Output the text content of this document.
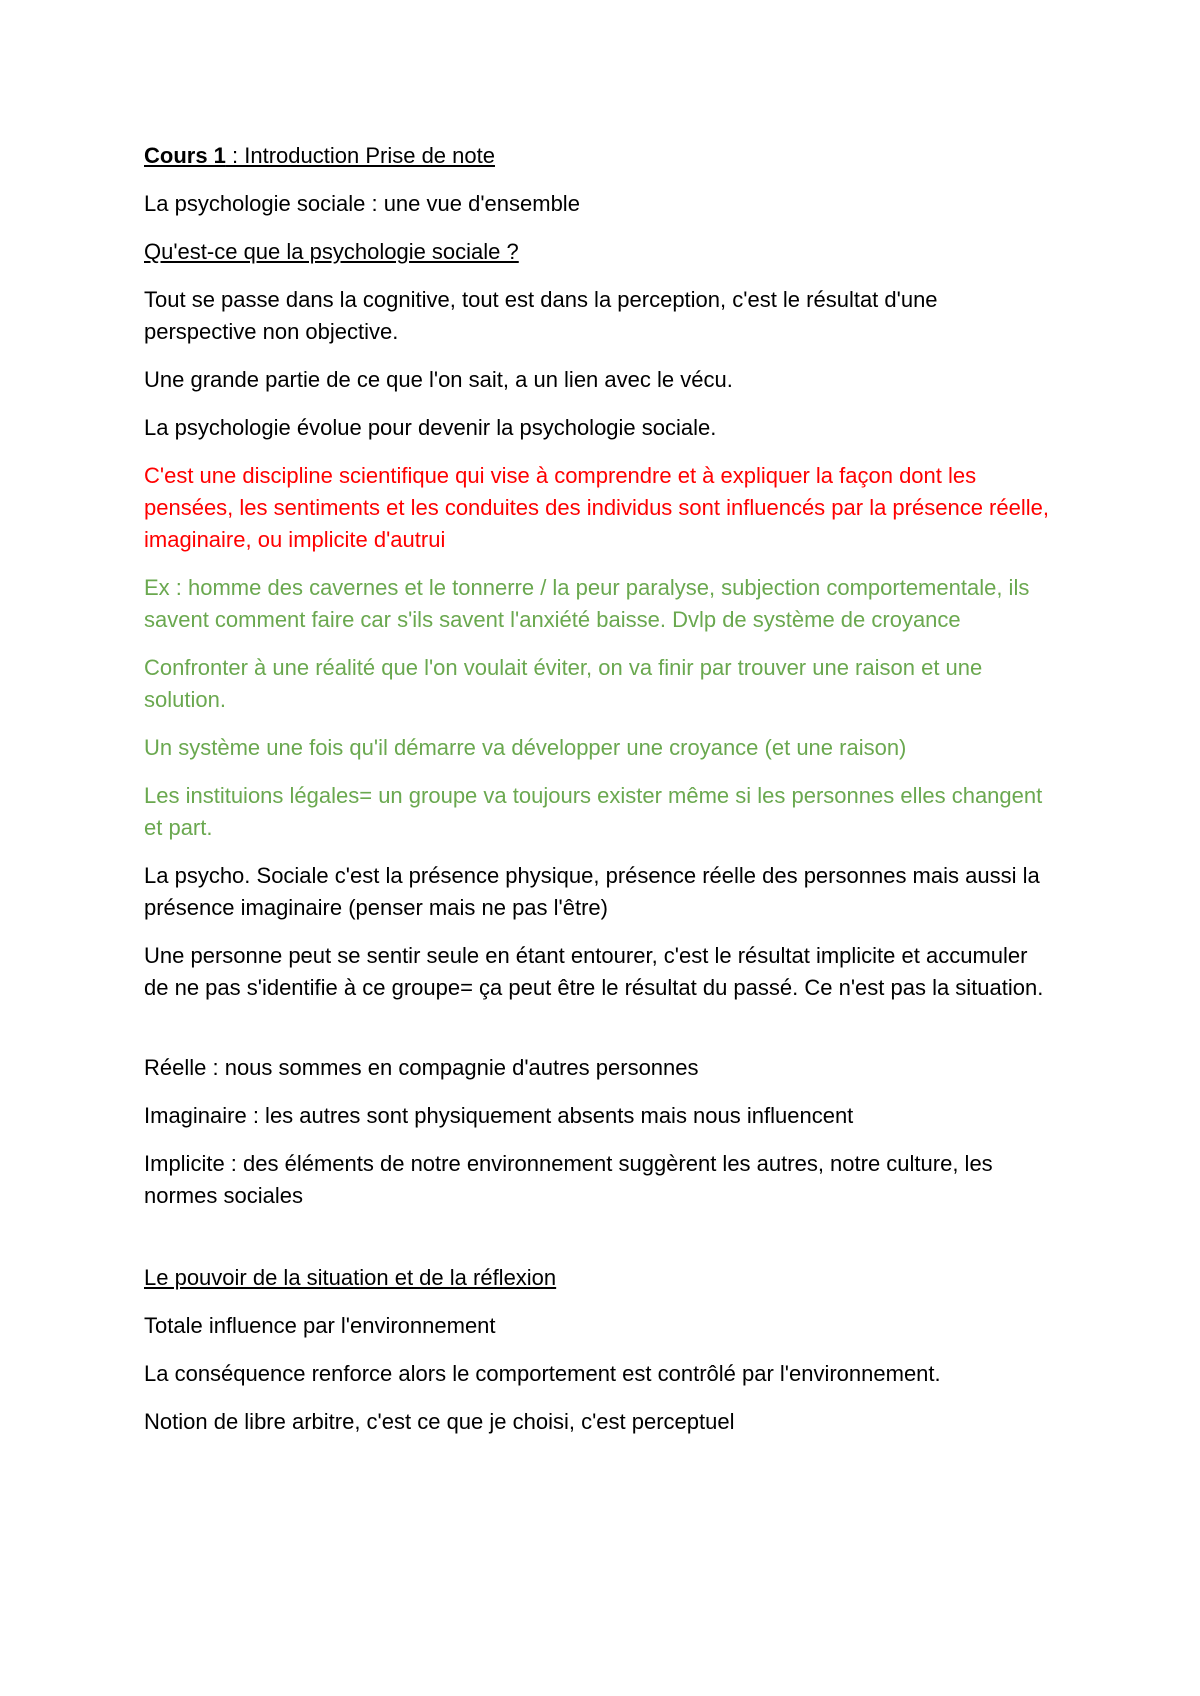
Cours 1 : Introduction Prise de note

La psychologie sociale : une vue d'ensemble

Qu'est-ce que la psychologie sociale ?

Tout se passe dans la cognitive, tout est dans la perception, c'est le résultat d'une perspective non objective.

Une grande partie de ce que l'on sait, a un lien avec le vécu.

La psychologie évolue pour devenir la psychologie sociale.

C'est une discipline scientifique qui vise à comprendre et à expliquer la façon dont les pensées, les sentiments et les conduites des individus sont influencés par la présence réelle, imaginaire, ou implicite d'autrui

Ex : homme des cavernes et le tonnerre / la peur paralyse, subjection comportementale, ils savent comment faire car s'ils savent l'anxiété baisse. Dvlp de système de croyance

Confronter à une réalité que l'on voulait éviter, on va finir par trouver une raison et une solution.

Un système une fois qu'il démarre va développer une croyance (et une raison)

Les instituions légales= un groupe va toujours exister même si les personnes elles changent et part.

La psycho. Sociale c'est la présence physique, présence réelle des personnes mais aussi la présence imaginaire (penser mais ne pas l'être)

Une personne peut se sentir seule en étant entourer, c'est le résultat implicite et accumuler de ne pas s'identifie à ce groupe= ça peut être le résultat du passé. Ce n'est pas la situation.

Réelle : nous sommes en compagnie d'autres personnes

Imaginaire : les autres sont physiquement absents mais nous influencent

Implicite : des éléments de notre environnement suggèrent les autres, notre culture, les normes sociales

Le pouvoir de la situation et de la réflexion

Totale influence par l'environnement

La conséquence renforce alors le comportement est contrôlé par l'environnement.

Notion de libre arbitre, c'est ce que je choisi, c'est perceptuel
